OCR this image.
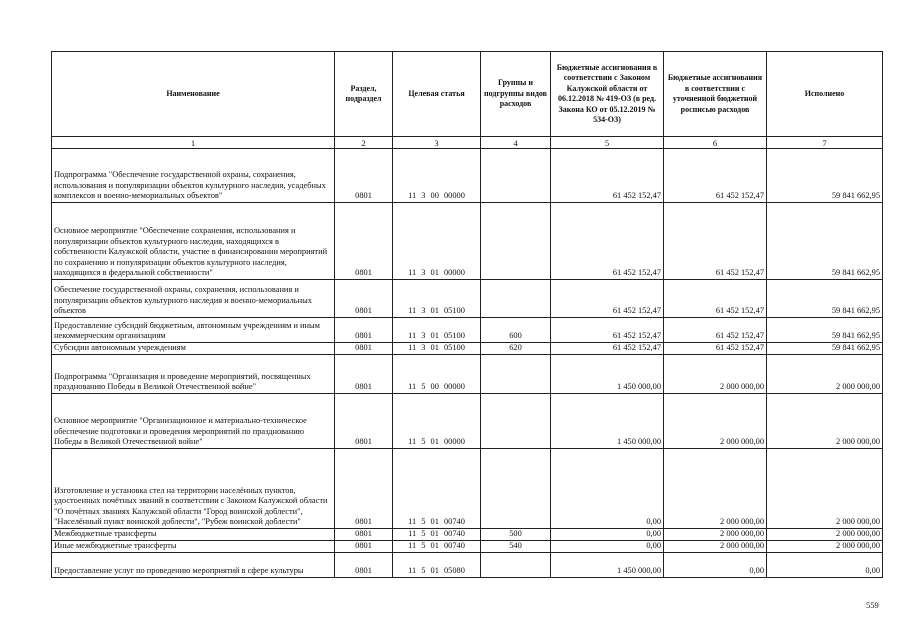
Наименование	Раздел, подраздел	Целевая статья	Группы и подгруппы видов расходов	Бюджетные ассигнования в соответствии с Законом Калужской области от 06.12.2018 № 419-ОЗ (в ред. Закона КО от 05.12.2019 № 534-ОЗ)	Бюджетные ассигнования в соответствии с уточненной бюджетной росписью расходов	Исполнено
1	2	3	4	5	6	7
Подпрограмма "Обеспечение государственной охраны, сохранения, использования и популяризации объектов культурного наследия, усадебных комплексов и военно-мемориальных объектов"	0801	11 3 00 00000		61 452 152,47	61 452 152,47	59 841 662,95
Основное мероприятие "Обеспечение сохранения, использования и популяризации объектов культурного наследия, находящихся в собственности Калужской области, участие в финансировании мероприятий по сохранению и популяризации объектов культурного наследия, находящихся в федеральной собственности"	0801	11 3 01 00000		61 452 152,47	61 452 152,47	59 841 662,95
Обеспечение государственной охраны, сохранения, использования и популяризации объектов культурного наследия и военно-мемориальных объектов	0801	11 3 01 05100		61 452 152,47	61 452 152,47	59 841 662,95
Предоставление субсидий бюджетным, автономным учреждениям и иным некоммерческим организациям	0801	11 3 01 05100	600	61 452 152,47	61 452 152,47	59 841 662,95
Субсидии автономным учреждениям	0801	11 3 01 05100	620	61 452 152,47	61 452 152,47	59 841 662,95
Подпрограмма "Организация и проведение мероприятий, посвященных празднованию Победы в Великой Отечественной войне"	0801	11 5 00 00000		1 450 000,00	2 000 000,00	2 000 000,00
Основное мероприятие "Организационное и материально-техническое обеспечение подготовки и проведения мероприятий по празднованию Победы в Великой Отечественной войне"	0801	11 5 01 00000		1 450 000,00	2 000 000,00	2 000 000,00
Изготовление и установка стел на территории населённых пунктов, удостоенных почётных званий в соответствии с Законом Калужской области "О почётных званиях Калужской области "Город воинской доблести", "Населённый пункт воинской доблести", "Рубеж воинской доблести"	0801	11 5 01 00740		0,00	2 000 000,00	2 000 000,00
Межбюджетные трансферты	0801	11 5 01 00740	500	0,00	2 000 000,00	2 000 000,00
Иные межбюджетные трансферты	0801	11 5 01 00740	540	0,00	2 000 000,00	2 000 000,00
Предоставление услуг по проведению мероприятий в сфере культуры	0801	11 5 01 05080		1 450 000,00	0,00	0,00
559
